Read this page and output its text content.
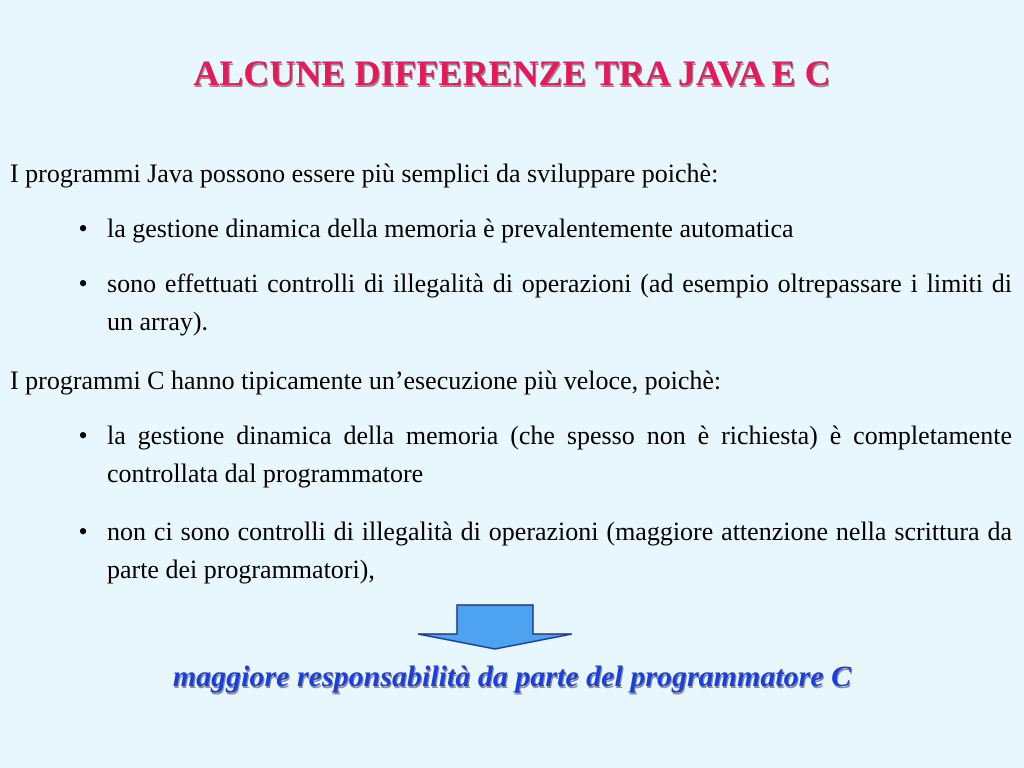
ALCUNE DIFFERENZE TRA JAVA E C
I programmi Java possono essere più semplici da sviluppare poichè:
• la gestione dinamica della memoria è prevalentemente automatica
• sono effettuati controlli di illegalità di operazioni (ad esempio oltrepassare i limiti di un array).
I programmi C hanno tipicamente un’esecuzione più veloce, poichè:
• la gestione dinamica della memoria (che spesso non è richiesta) è completamente controllata dal programmatore
• non ci sono controlli di illegalità di operazioni (maggiore attenzione nella scrittura da parte dei programmatori),
maggiore responsabilità da parte del programmatore C
